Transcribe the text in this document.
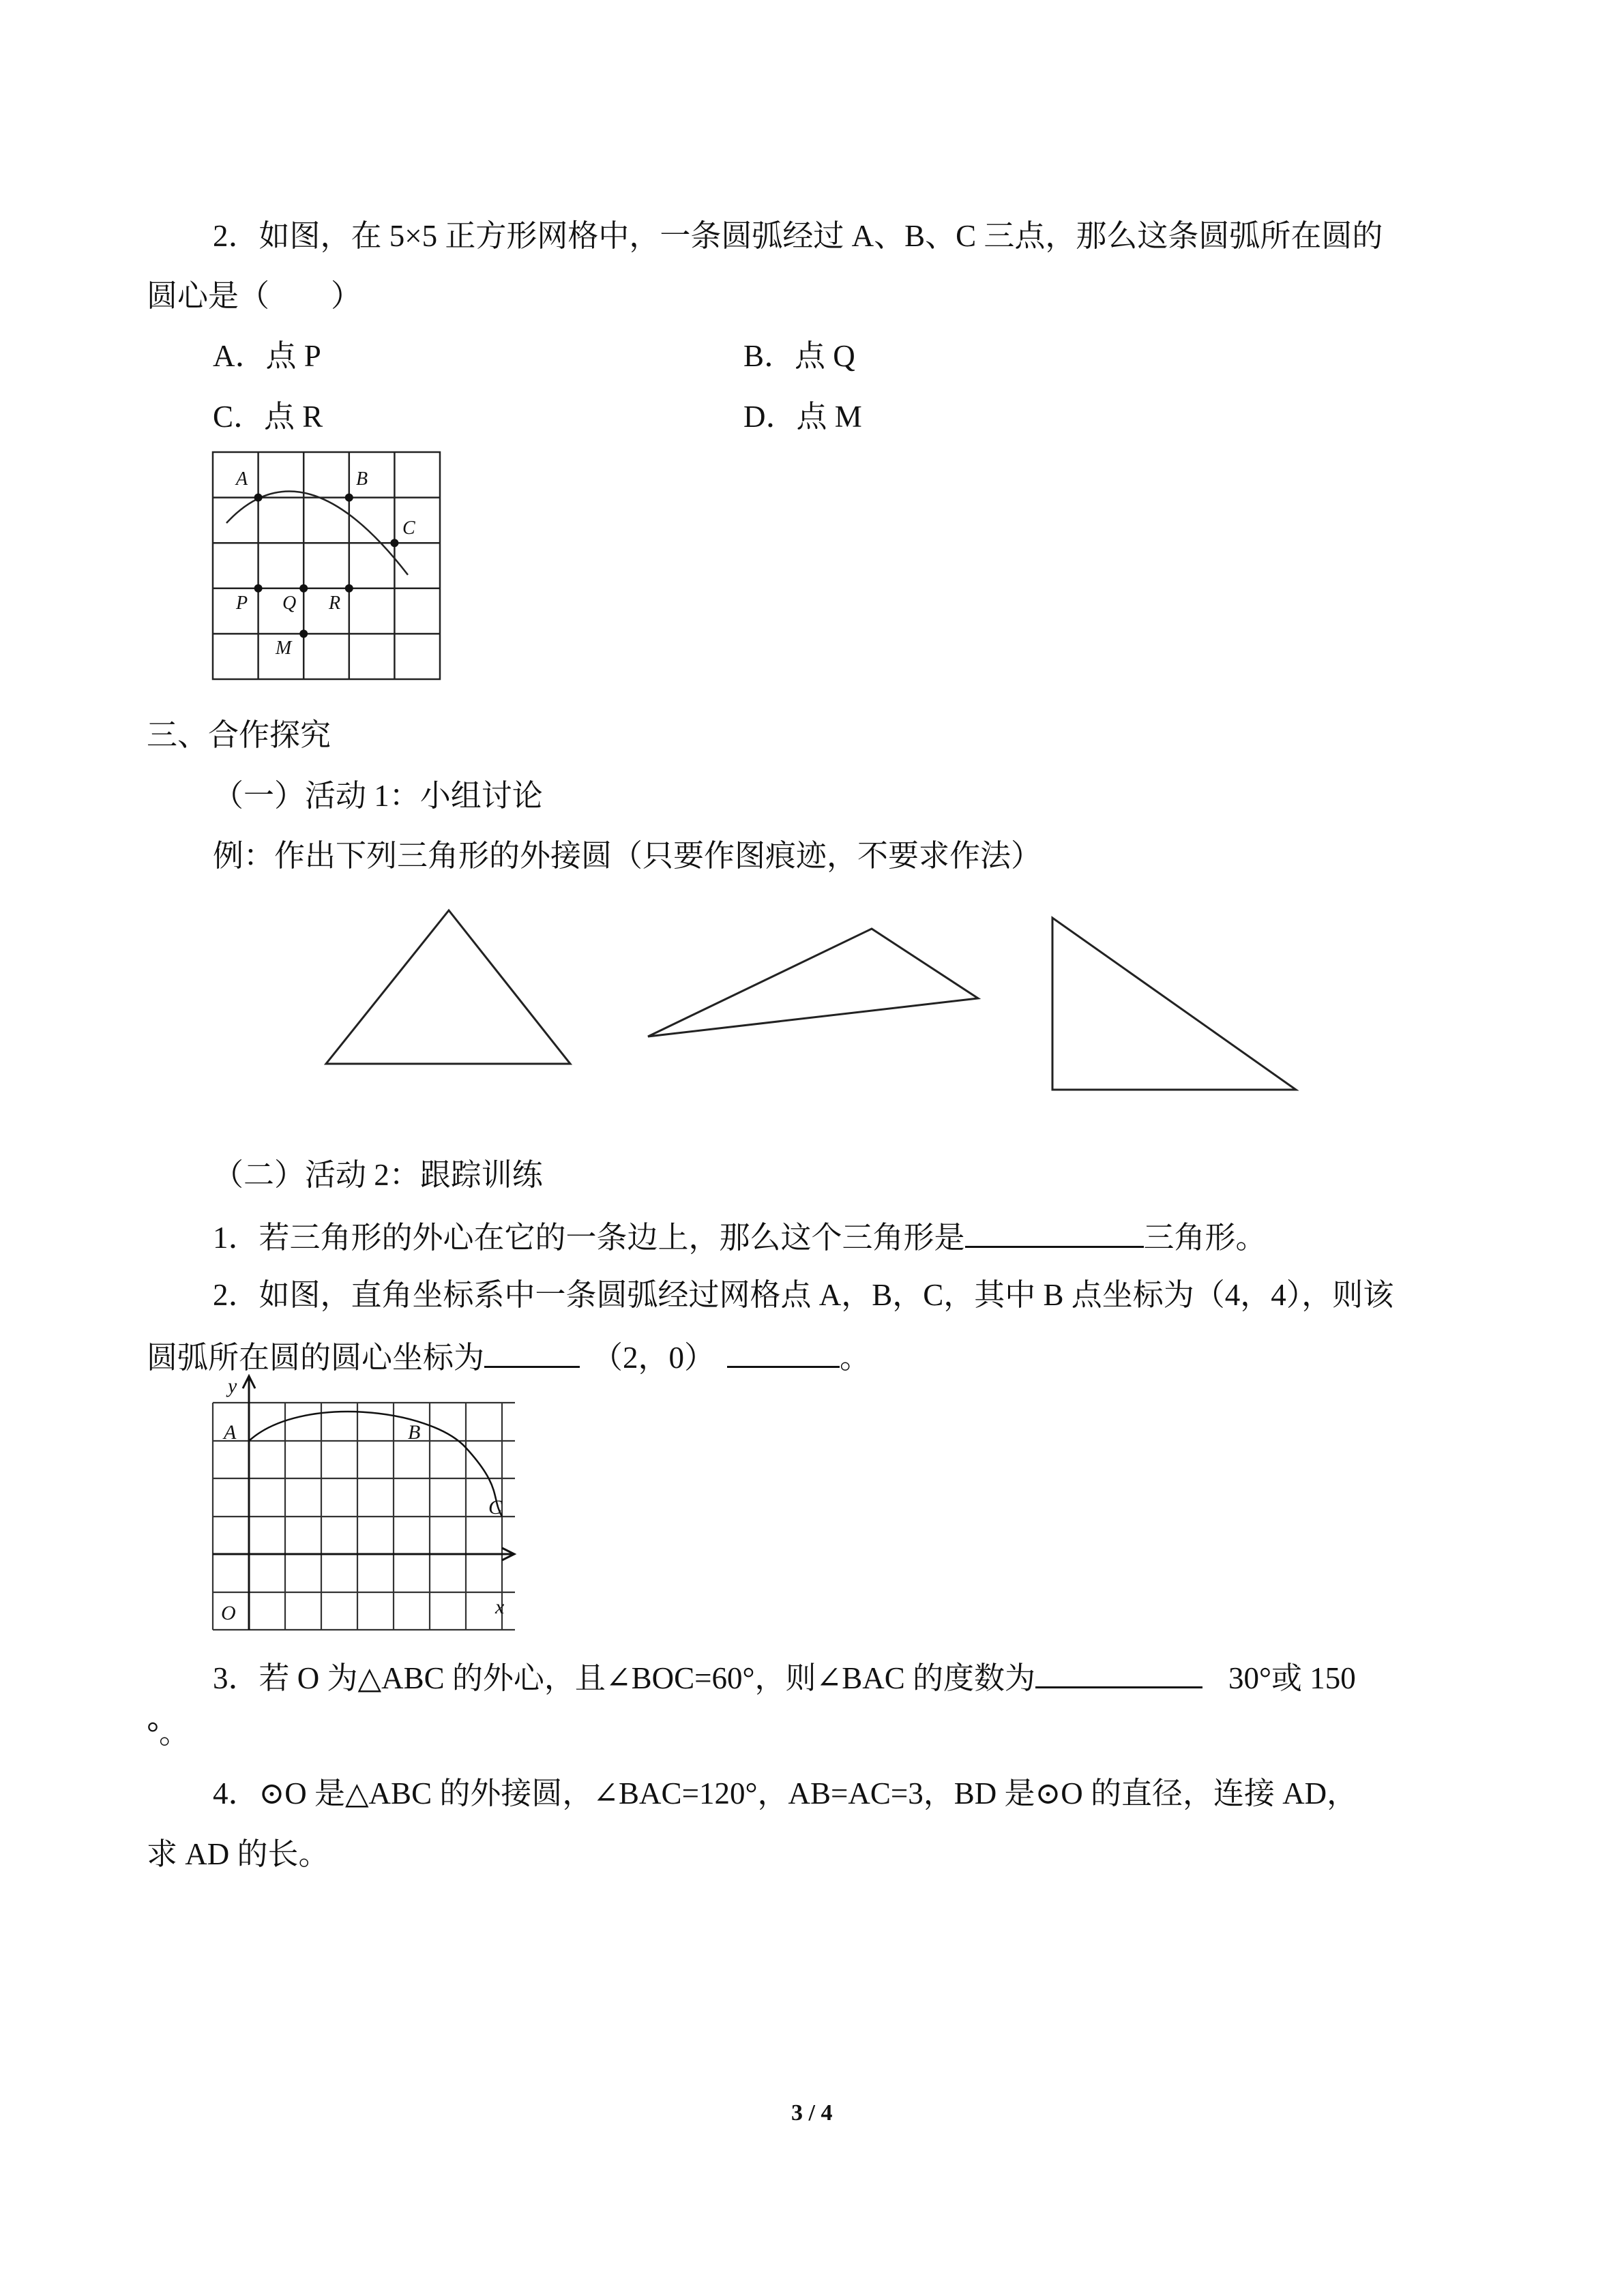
2．如图，在 5×5 正方形网格中，一条圆弧经过 A、B、C 三点，那么这条圆弧所在圆的
圆心是（　　）
A．点 P	B．点 Q
C．点 R	D．点 M
A	B
C
P Q R
M
三、合作探究
（一）活动 1：小组讨论
例：作出下列三角形的外接圆（只要作图痕迹，不要求作法）
（二）活动 2：跟踪训练
1．若三角形的外心在它的一条边上，那么这个三角形是	三角形。
2．如图，直角坐标系中一条圆弧经过网格点 A，B，C，其中 B 点坐标为（4，4），则该
圆弧所在圆的圆心坐标为	（2，0）	。
y
x
O
A	B
C
3．若 O 为△ABC 的外心，且∠BOC=60°，则∠BAC 的度数为	30°或 150
°。
4．⊙O 是△ABC 的外接圆，∠BAC=120°，AB=AC=3，BD 是⊙O 的直径，连接 AD，
求 AD 的长。
3 / 4
